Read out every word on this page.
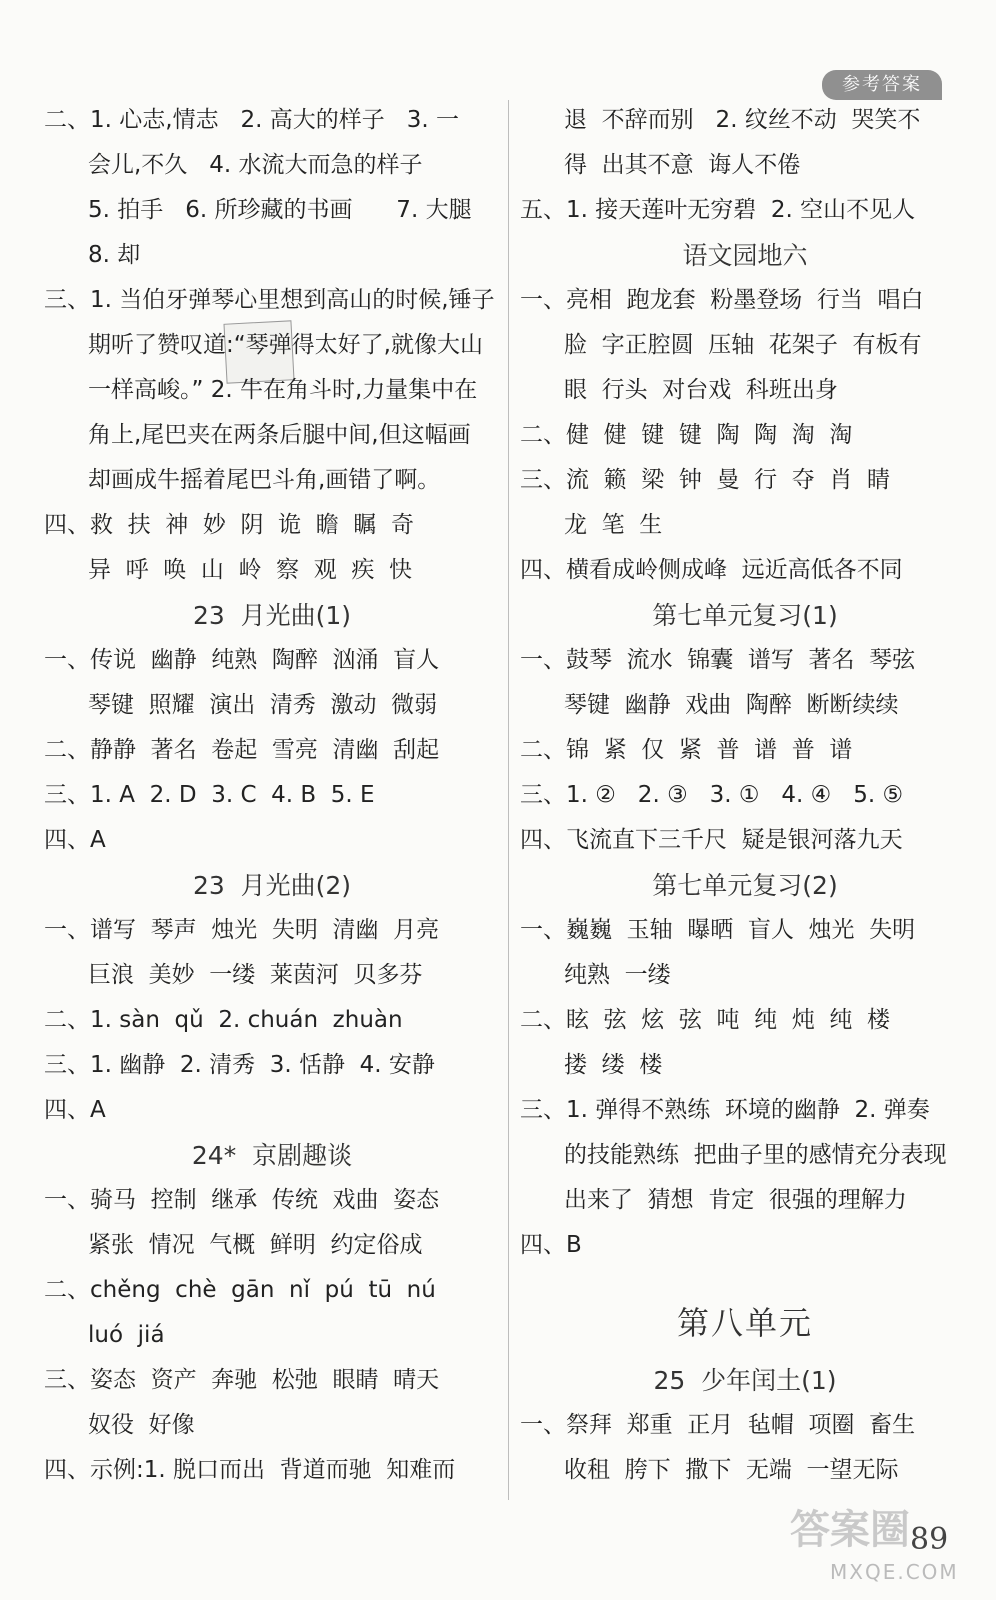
参考答案
二、1. 心志,情志   2. 高大的样子   3. 一
会儿,不久   4. 水流大而急的样子
5. 拍手   6. 所珍藏的书画      7. 大腿
8. 却
三、1. 当伯牙弹琴心里想到高山的时候,锤子
期听了赞叹道:“琴弹得太好了,就像大山
一样高峻。” 2. 牛在角斗时,力量集中在
角上,尾巴夹在两条后腿中间,但这幅画
却画成牛摇着尾巴斗角,画错了啊。
四、救  扶  神  妙  阴  诡  瞻  瞩  奇
异  呼  唤  山  岭  察  观  疾  快
23  月光曲(1)
一、传说  幽静  纯熟  陶醉  汹涌  盲人
琴键  照耀  演出  清秀  激动  微弱
二、静静  著名  卷起  雪亮  清幽  刮起
三、1. A  2. D  3. C  4. B  5. E
四、A
23  月光曲(2)
一、谱写  琴声  烛光  失明  清幽  月亮
巨浪  美妙  一缕  莱茵河  贝多芬
二、1. sàn  qǔ  2. chuán  zhuàn
三、1. 幽静  2. 清秀  3. 恬静  4. 安静
四、A
24*  京剧趣谈
一、骑马  控制  继承  传统  戏曲  姿态
紧张  情况  气概  鲜明  约定俗成
二、chěng  chè  gān  nǐ  pú  tū  nú
luó  jiá
三、姿态  资产  奔驰  松弛  眼睛  晴天
奴役  好像
四、示例:1. 脱口而出  背道而驰  知难而
退  不辞而别   2. 纹丝不动  哭笑不
得  出其不意  诲人不倦
五、1. 接天莲叶无穷碧  2. 空山不见人
语文园地六
一、亮相  跑龙套  粉墨登场  行当  唱白
脸  字正腔圆  压轴  花架子  有板有
眼  行头  对台戏  科班出身
二、健  健  键  键  陶  陶  淘  淘
三、流  籁  梁  钟  曼  行  夺  肖  睛
龙  笔  生
四、横看成岭侧成峰  远近高低各不同
第七单元复习(1)
一、鼓琴  流水  锦囊  谱写  著名  琴弦
琴键  幽静  戏曲  陶醉  断断续续
二、锦  紧  仅  紧  普  谱  普  谱
三、1. ②   2. ③   3. ①   4. ④   5. ⑤
四、飞流直下三千尺  疑是银河落九天
第七单元复习(2)
一、巍巍  玉轴  曝晒  盲人  烛光  失明
纯熟  一缕
二、眩  弦  炫  弦  吨  纯  炖  纯  楼
搂  缕  楼
三、1. 弹得不熟练  环境的幽静  2. 弹奏
的技能熟练  把曲子里的感情充分表现
出来了  猜想  肯定  很强的理解力
四、B
第八单元
25  少年闰土(1)
一、祭拜  郑重  正月  毡帽  项圈  畜生
收租  胯下  撒下  无端  一望无际
答案圈
MXQE.COM
89
